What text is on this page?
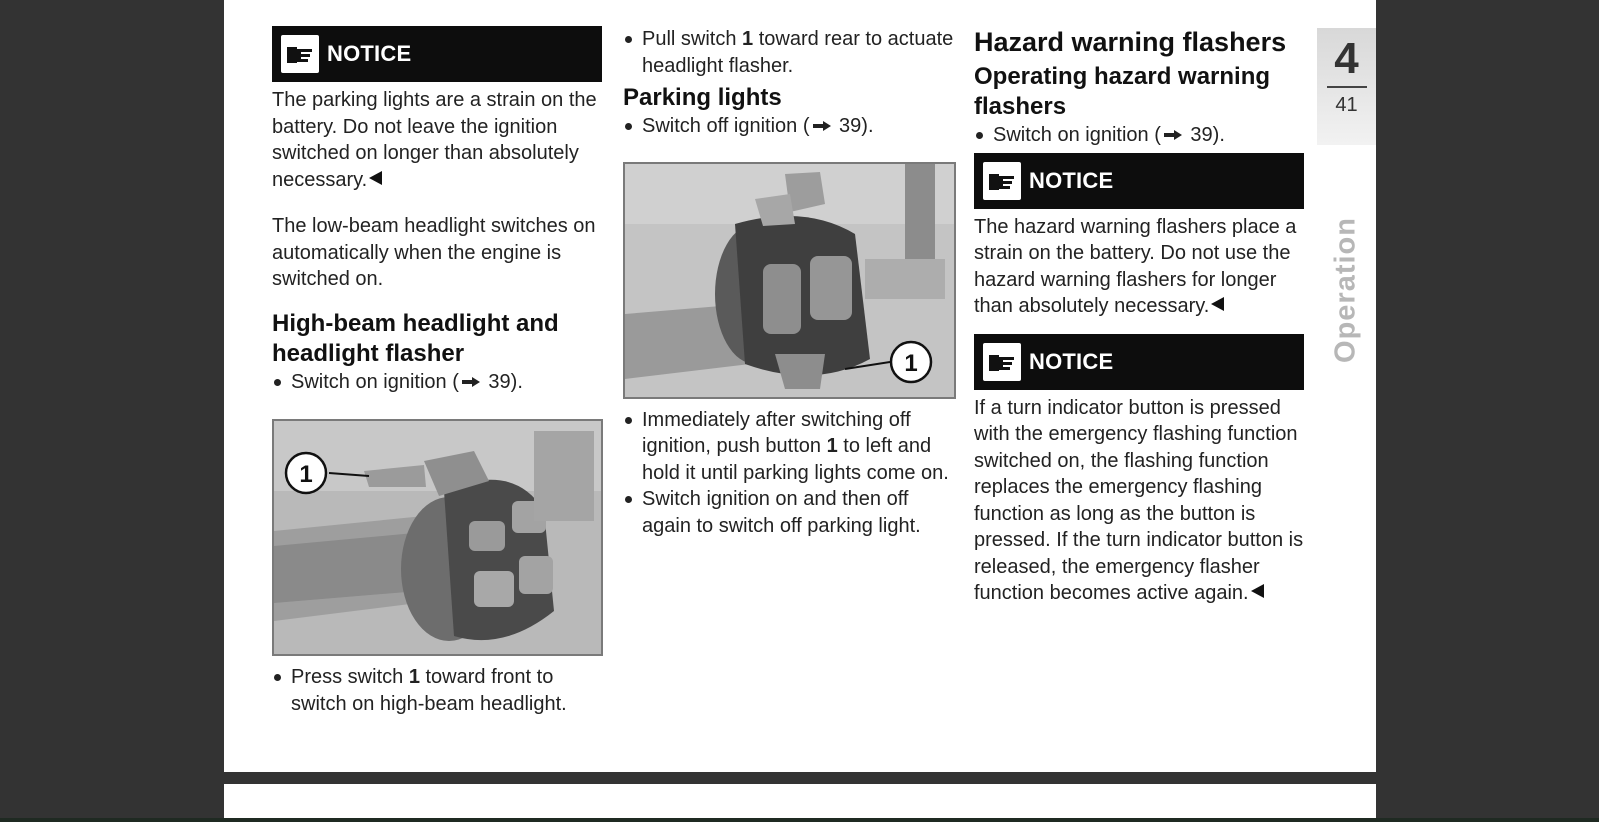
NOTICE

The parking lights are a strain on the battery. Do not leave the ignition switched on longer than absolutely necessary.

The low-beam headlight switches on automatically when the engine is switched on.

High-beam headlight and headlight flasher
Switch on ignition (
39).
1
Press switch 1 toward front to switch on high-beam headlight.
Pull switch 1 toward rear to actuate headlight flasher.
Parking lights
Switch off ignition (
39).
1
Immediately after switching off ignition, push button 1 to left and hold it until parking lights come on.
Switch ignition on and then off again to switch off parking light.
Hazard warning flashers
Operating hazard warning flashers
Switch on ignition (
39).
NOTICE

The hazard warning flashers place a strain on the battery. Do not use the hazard warning flashers for longer than absolutely necessary.

NOTICE

If a turn indicator button is pressed with the emergency flashing function switched on, the flashing function replaces the emergency flashing function as long as the button is pressed. If the turn indicator button is released, the emergency flasher function becomes active again.

4
41
Operation
